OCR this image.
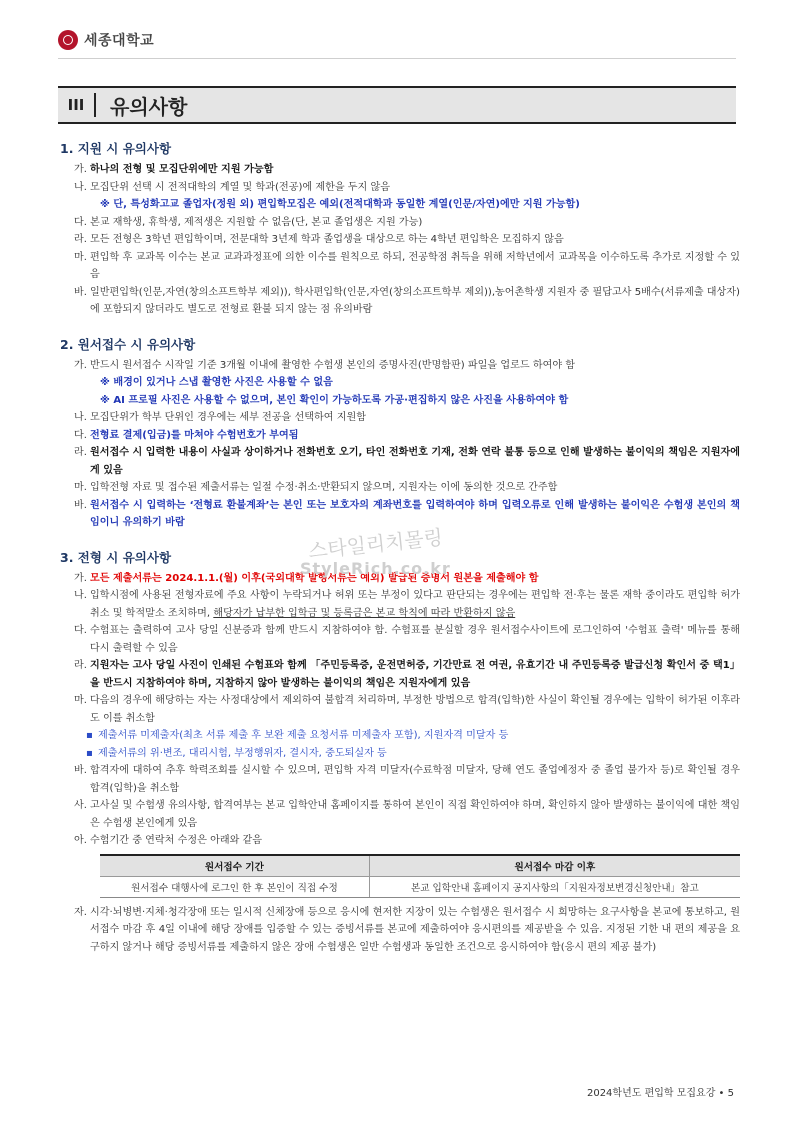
세종대학교
III	유의사항
1. 지원 시 유의사항
가. 하나의 전형 및 모집단위에만 지원 가능함
나. 모집단위 선택 시 전적대학의 계열 및 학과(전공)에 제한을 두지 않음
※ 단, 특성화고교 졸업자(정원 외) 편입학모집은 예외(전적대학과 동일한 계열(인문/자연)에만 지원 가능함)
다. 본교 재학생, 휴학생, 제적생은 지원할 수 없음(단, 본교 졸업생은 지원 가능)
라. 모든 전형은 3학년 편입학이며, 전문대학 3년제 학과 졸업생을 대상으로 하는 4학년 편입학은 모집하지 않음
마. 편입학 후 교과목 이수는 본교 교과과정표에 의한 이수를 원칙으로 하되, 전공학점 취득을 위해 저학년에서 교과목을 이수하도록 추가로 지정할 수 있음
바. 일반편입학(인문,자연(창의소프트학부 제외)), 학사편입학(인문,자연(창의소프트학부 제외)),농어촌학생 지원자 중 필답고사 5배수(서류제출 대상자)에 포함되지 않더라도 별도로 전형료 환불 되지 않는 점 유의바람
2. 원서접수 시 유의사항
가. 반드시 원서접수 시작일 기준 3개월 이내에 촬영한 수험생 본인의 증명사진(반명함판) 파일을 업로드 하여야 함
※ 배경이 있거나 스냅 촬영한 사진은 사용할 수 없음
※ AI 프로필 사진은 사용할 수 없으며, 본인 확인이 가능하도록 가공·편집하지 않은 사진을 사용하여야 함
나. 모집단위가 학부 단위인 경우에는 세부 전공을 선택하여 지원함
다. 전형료 결제(입금)를 마쳐야 수험번호가 부여됨
라. 원서접수 시 입력한 내용이 사실과 상이하거나 전화번호 오기, 타인 전화번호 기재, 전화 연락 불통 등으로 인해 발생하는 불이익의 책임은 지원자에게 있음
마. 입학전형 자료 및 접수된 제출서류는 일절 수정·취소·반환되지 않으며, 지원자는 이에 동의한 것으로 간주함
바. 원서접수 시 입력하는 ‘전형료 환불계좌’는 본인 또는 보호자의 계좌번호를 입력하여야 하며 입력오류로 인해 발생하는 불이익은 수험생 본인의 책임이니 유의하기 바람
3. 전형 시 유의사항
가. 모든 제출서류는 2024.1.1.(월) 이후(국외대학 발행서류는 예외) 발급된 증명서 원본을 제출해야 함
나. 입학시점에 사용된 전형자료에 주요 사항이 누락되거나 허위 또는 부정이 있다고 판단되는 경우에는 편입학 전·후는 물론 재학 중이라도 편입학 허가취소 및 학적말소 조치하며, 해당자가 납부한 입학금 및 등록금은 본교 학칙에 따라 반환하지 않음
다. 수험표는 출력하여 고사 당일 신분증과 함께 반드시 지참하여야 함. 수험표를 분실할 경우 원서접수사이트에 로그인하여 '수험표 출력' 메뉴를 통해 다시 출력할 수 있음
라. 지원자는 고사 당일 사진이 인쇄된 수험표와 함께 「주민등록증, 운전면허증, 기간만료 전 여권, 유효기간 내 주민등록증 발급신청 확인서 중 택1」을 반드시 지참하여야 하며, 지참하지 않아 발생하는 불이익의 책임은 지원자에게 있음
마. 다음의 경우에 해당하는 자는 사정대상에서 제외하여 불합격 처리하며, 부정한 방법으로 합격(입학)한 사실이 확인될 경우에는 입학이 허가된 이후라도 이를 취소함
▪ 제출서류 미제출자(최초 서류 제출 후 보완 제출 요청서류 미제출자 포함), 지원자격 미달자 등
▪ 제출서류의 위·변조, 대리시험, 부정행위자, 결시자, 중도퇴실자 등
바. 합격자에 대하여 추후 학력조회를 실시할 수 있으며, 편입학 자격 미달자(수료학점 미달자, 당해 연도 졸업예정자 중 졸업 불가자 등)로 확인될 경우 합격(입학)을 취소함
사. 고사실 및 수험생 유의사항, 합격여부는 본교 입학안내 홈페이지를 통하여 본인이 직접 확인하여야 하며, 확인하지 않아 발생하는 불이익에 대한 책임은 수험생 본인에게 있음
아. 수험기간 중 연락처 수정은 아래와 같음
원서접수 기간	원서접수 마감 이후
원서접수 대행사에 로그인 한 후 본인이 직접 수정	본교 입학안내 홈페이지 공지사항의「지원자정보변경신청안내」참고
자. 시각·뇌병변·지체·청각장애 또는 일시적 신체장애 등으로 응시에 현저한 지장이 있는 수험생은 원서접수 시 희망하는 요구사항을 본교에 통보하고, 원서접수 마감 후 4일 이내에 해당 장애를 입증할 수 있는 증빙서류를 본교에 제출하여야 응시편의를 제공받을 수 있음. 지정된 기한 내 편의 제공을 요구하지 않거나 해당 증빙서류를 제출하지 않은 장애 수험생은 일반 수험생과 동일한 조건으로 응시하여야 함(응시 편의 제공 불가)
스타일리치몰링
StyleRich.co.kr
2024학년도 편입학 모집요강 • 5
